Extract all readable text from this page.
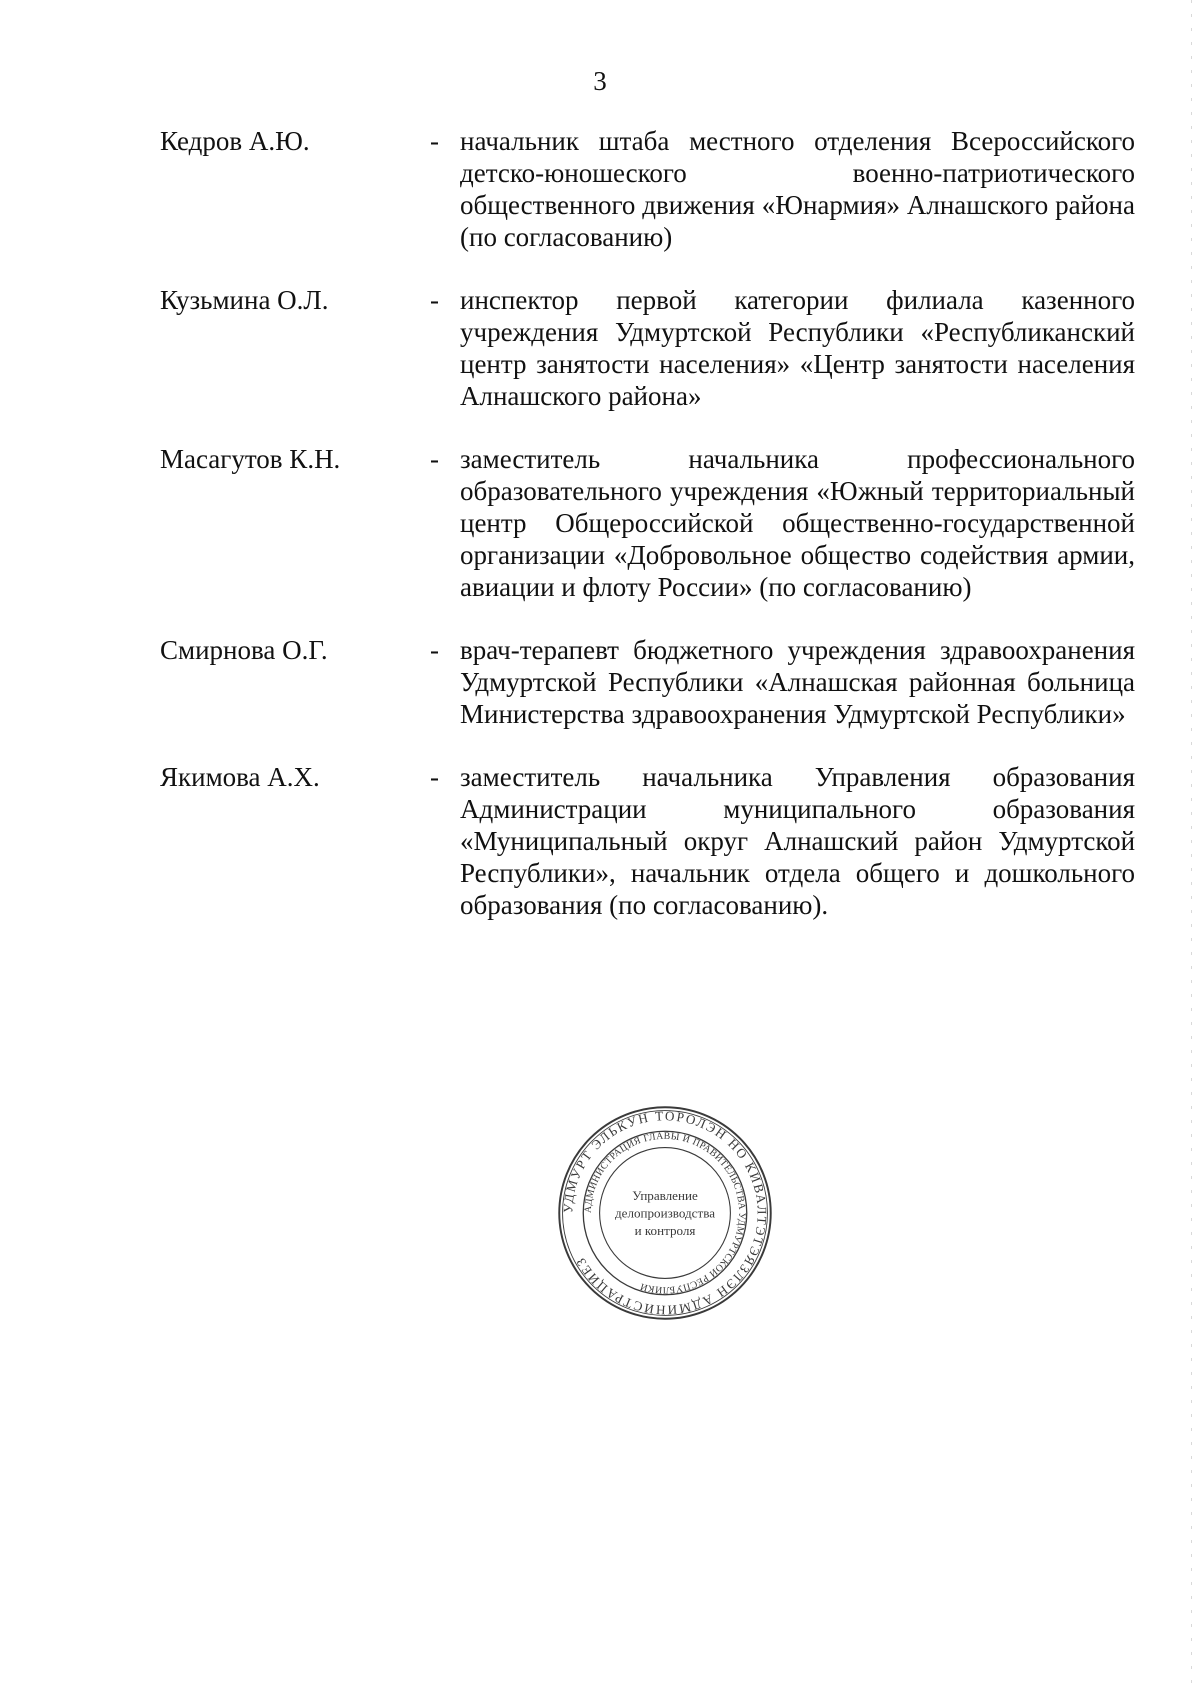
3
Кедров А.Ю.	- начальник штаба местного отделения Всероссийского детско-юношеского военно-патриотического общественного движения «Юнармия» Алнашского района (по согласованию)
Кузьмина О.Л.	- инспектор первой категории филиала казенного учреждения Удмуртской Республики «Республиканский центр занятости населения» «Центр занятости населения Алнашского района»
Масагутов К.Н.	- заместитель начальника профессионального образовательного учреждения «Южный территориальный центр Общероссийской общественно-государственной организации «Добровольное общество содействия армии, авиации и флоту России» (по согласованию)
Смирнова О.Г.	- врач-терапевт бюджетного учреждения здравоохранения Удмуртской Республики «Алнашская районная больница Министерства здравоохранения Удмуртской Республики»
Якимова А.Х.	- заместитель начальника Управления образования Администрации муниципального образования «Муниципальный округ Алнашский район Удмуртской Республики», начальник отдела общего и дошкольного образования (по согласованию).
УДМУРТ ЭЛЬКУН ТОРОЛЭН НО КИВАЛТЭТЭЯЗЛЭН АДМИНИСТРАЦИЕЗ
АДМИНИСТРАЦИЯ ГЛАВЫ И ПРАВИТЕЛЬСТВА УДМУРТСКОЙ РЕСПУБЛИКИ
Управление
делопроизводства
и контроля
